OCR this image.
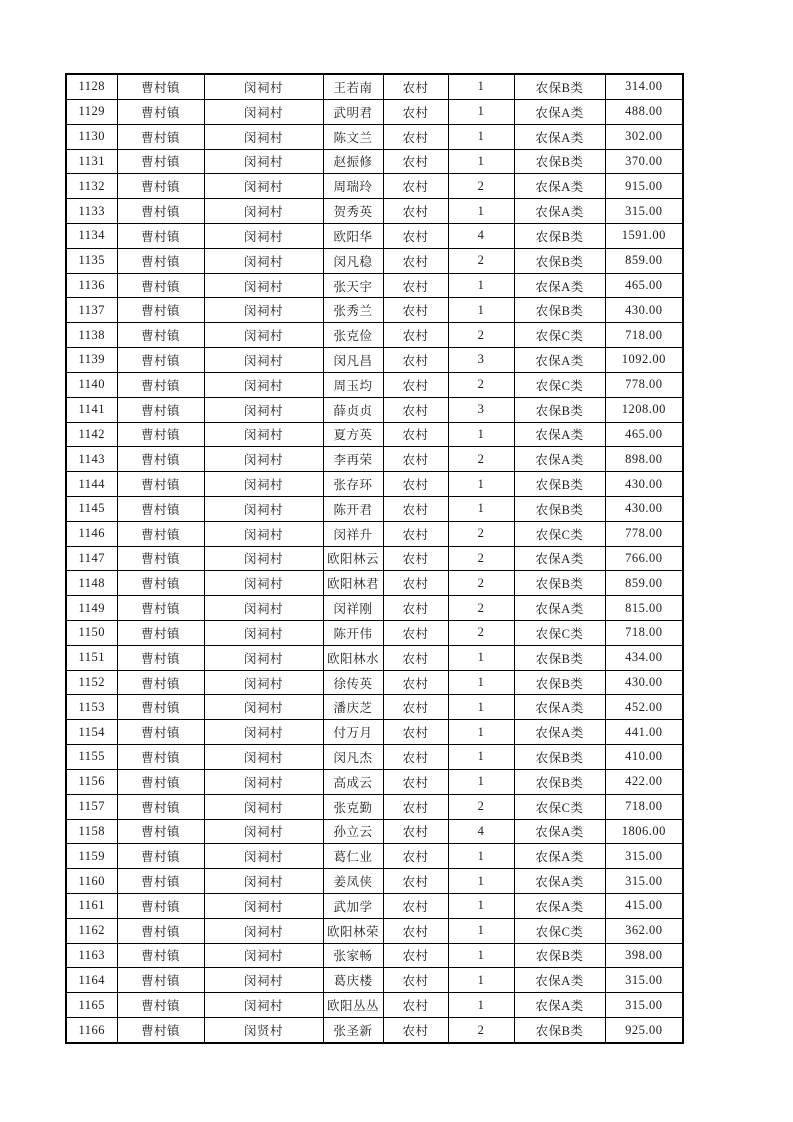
1128	曹村镇	闵祠村	王若南	农村	1	农保B类	314.00
1129	曹村镇	闵祠村	武明君	农村	1	农保A类	488.00
1130	曹村镇	闵祠村	陈文兰	农村	1	农保A类	302.00
1131	曹村镇	闵祠村	赵振修	农村	1	农保B类	370.00
1132	曹村镇	闵祠村	周瑞玲	农村	2	农保A类	915.00
1133	曹村镇	闵祠村	贺秀英	农村	1	农保A类	315.00
1134	曹村镇	闵祠村	欧阳华	农村	4	农保B类	1591.00
1135	曹村镇	闵祠村	闵凡稳	农村	2	农保B类	859.00
1136	曹村镇	闵祠村	张天宇	农村	1	农保A类	465.00
1137	曹村镇	闵祠村	张秀兰	农村	1	农保B类	430.00
1138	曹村镇	闵祠村	张克俭	农村	2	农保C类	718.00
1139	曹村镇	闵祠村	闵凡昌	农村	3	农保A类	1092.00
1140	曹村镇	闵祠村	周玉均	农村	2	农保C类	778.00
1141	曹村镇	闵祠村	薛贞贞	农村	3	农保B类	1208.00
1142	曹村镇	闵祠村	夏方英	农村	1	农保A类	465.00
1143	曹村镇	闵祠村	李再荣	农村	2	农保A类	898.00
1144	曹村镇	闵祠村	张存环	农村	1	农保B类	430.00
1145	曹村镇	闵祠村	陈开君	农村	1	农保B类	430.00
1146	曹村镇	闵祠村	闵祥升	农村	2	农保C类	778.00
1147	曹村镇	闵祠村	欧阳林云	农村	2	农保A类	766.00
1148	曹村镇	闵祠村	欧阳林君	农村	2	农保B类	859.00
1149	曹村镇	闵祠村	闵祥刚	农村	2	农保A类	815.00
1150	曹村镇	闵祠村	陈开伟	农村	2	农保C类	718.00
1151	曹村镇	闵祠村	欧阳林水	农村	1	农保B类	434.00
1152	曹村镇	闵祠村	徐传英	农村	1	农保B类	430.00
1153	曹村镇	闵祠村	潘庆芝	农村	1	农保A类	452.00
1154	曹村镇	闵祠村	付万月	农村	1	农保A类	441.00
1155	曹村镇	闵祠村	闵凡杰	农村	1	农保B类	410.00
1156	曹村镇	闵祠村	高成云	农村	1	农保B类	422.00
1157	曹村镇	闵祠村	张克勤	农村	2	农保C类	718.00
1158	曹村镇	闵祠村	孙立云	农村	4	农保A类	1806.00
1159	曹村镇	闵祠村	葛仁业	农村	1	农保A类	315.00
1160	曹村镇	闵祠村	姜凤侠	农村	1	农保A类	315.00
1161	曹村镇	闵祠村	武加学	农村	1	农保A类	415.00
1162	曹村镇	闵祠村	欧阳林荣	农村	1	农保C类	362.00
1163	曹村镇	闵祠村	张家畅	农村	1	农保B类	398.00
1164	曹村镇	闵祠村	葛庆楼	农村	1	农保A类	315.00
1165	曹村镇	闵祠村	欧阳丛丛	农村	1	农保A类	315.00
1166	曹村镇	闵贤村	张圣新	农村	2	农保B类	925.00
